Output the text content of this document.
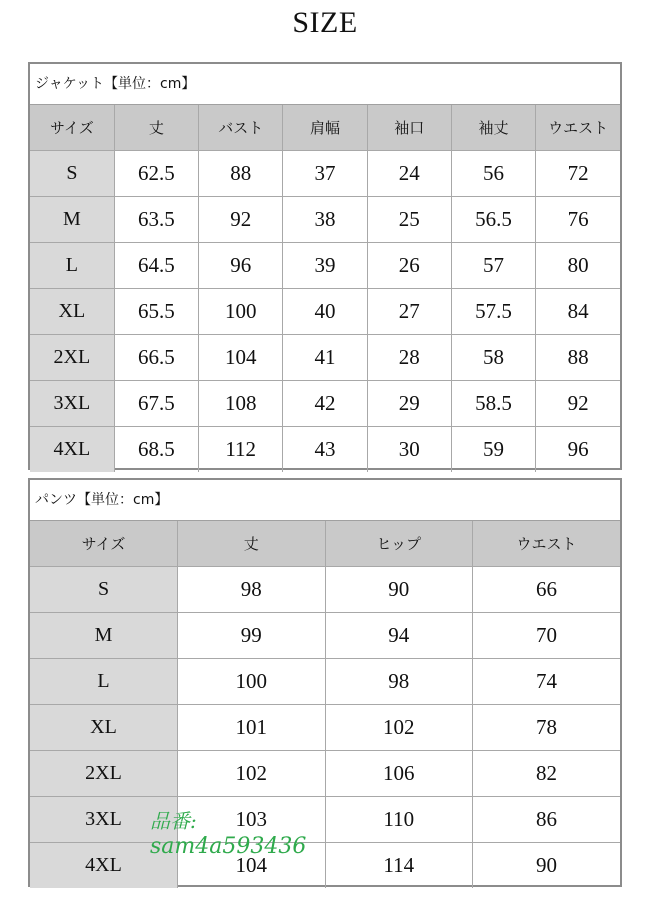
SIZE
ジャケット【単位：cm】
サイズ	丈	バスト	肩幅	袖口	袖丈	ウエスト
S	62.5	88	37	24	56	72
M	63.5	92	38	25	56.5	76
L	64.5	96	39	26	57	80
XL	65.5	100	40	27	57.5	84
2XL	66.5	104	41	28	58	88
3XL	67.5	108	42	29	58.5	92
4XL	68.5	112	43	30	59	96
パンツ【単位：cm】
サイズ	丈	ヒップ	ウエスト
S	98	90	66
M	99	94	70
L	100	98	74
XL	101	102	78
2XL	102	106	82
3XL	103	110	86
4XL	104	114	90
品番:
sam4a593436
